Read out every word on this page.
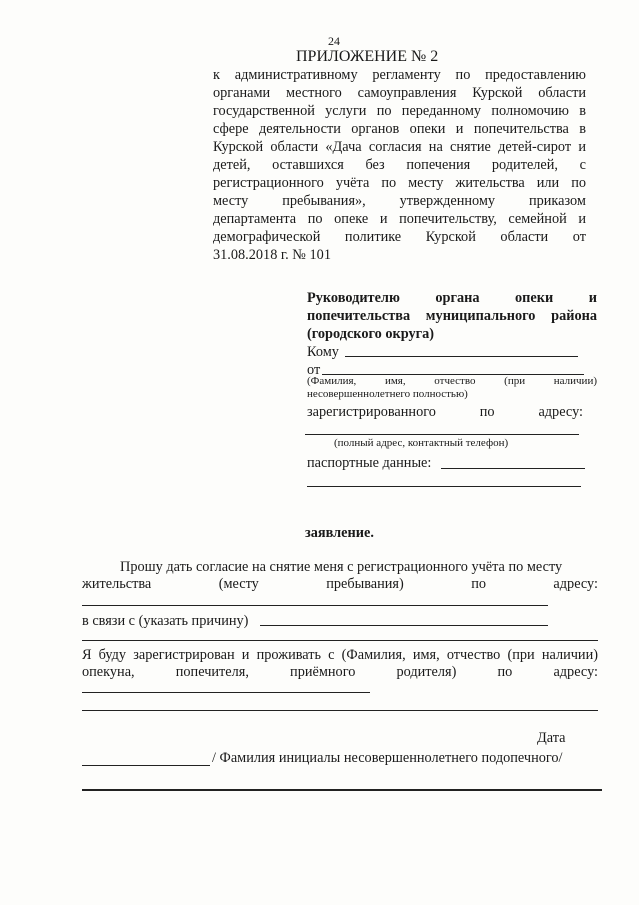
24
ПРИЛОЖЕНИЕ № 2
к административному регламенту по предоставлению
органами местного самоуправления Курской области
государственной услуги по переданному полномочию в
сфере деятельности органов опеки и попечительства в
Курской области «Дача согласия на снятие детей-сирот и
детей, оставшихся без попечения родителей, с
регистрационного учёта по месту жительства или по
месту пребывания», утвержденному приказом
департамента по опеке и попечительству, семейной и
демографической политике Курской области от
31.08.2018 г. № 101
Руководителю органа опеки и
попечительства муниципального района
(городского округа)
Кому
от
(Фамилия, имя, отчество (при наличии)
несовершеннолетнего полностью)
зарегистрированного по адресу:
(полный адрес, контактный телефон)
паспортные данные:
заявление.
Прошу дать согласие на снятие меня с регистрационного учёта по месту
жительства (месту пребывания) по адресу:
в связи с (указать причину)
Я буду зарегистрирован и проживать с (Фамилия, имя, отчество (при наличии)
опекуна, попечителя, приёмного родителя) по адресу:
Дата
/ Фамилия инициалы несовершеннолетнего подопечного/
